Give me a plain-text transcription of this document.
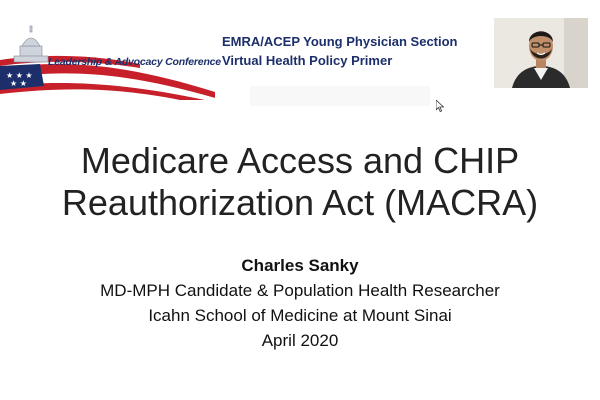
★ ★ ★
★ ★
Leadership & Advocacy Conference
EMRA/ACEP Young Physician Section
Virtual Health Policy Primer
Medicare Access and CHIP
Reauthorization Act (MACRA)
Charles Sanky
MD-MPH Candidate & Population Health Researcher
Icahn School of Medicine at Mount Sinai
April 2020
